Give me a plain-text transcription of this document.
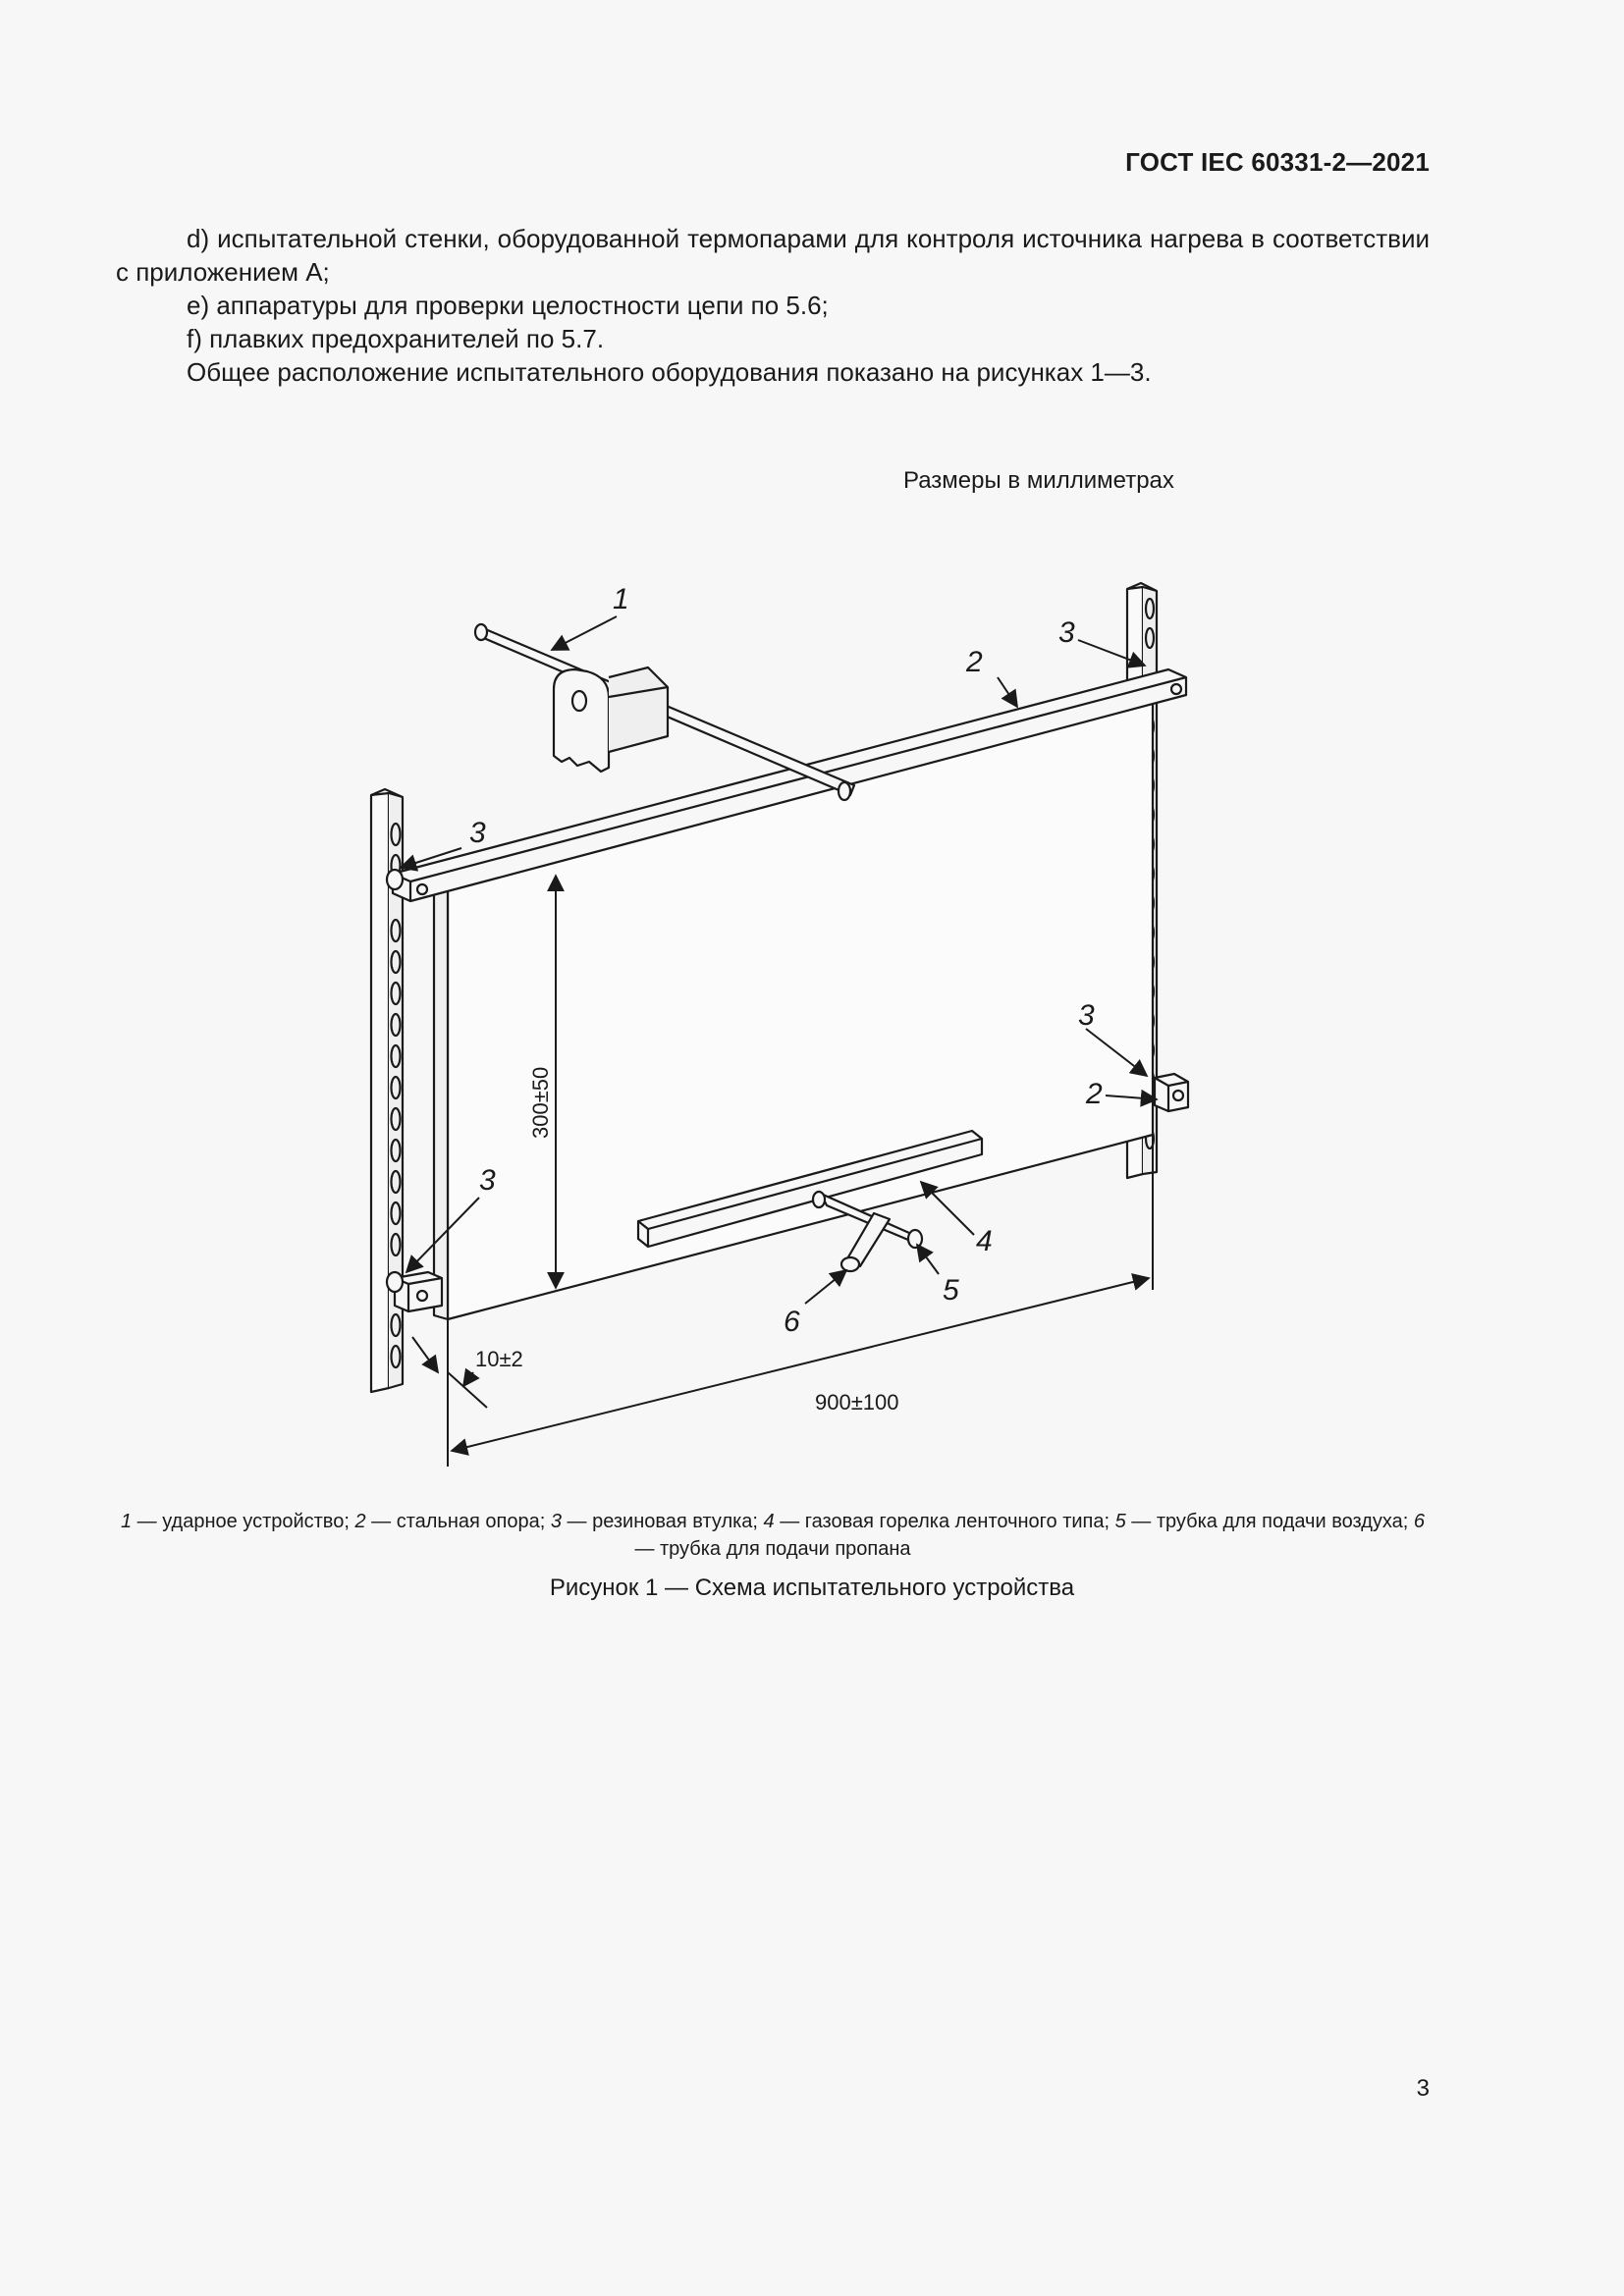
ГОСТ IEC 60331-2—2021

d) испытательной стенки, оборудованной термопарами для контроля источника нагрева в соответствии с приложением А;

e) аппаратуры для проверки целостности цепи по 5.6;

f) плавких предохранителей по 5.7.

Общее расположение испытательного оборудования показано на рисунках 1—3.

Размеры в миллиметрах
1
2
3
3
3
2
3
4
5
6
300±50
10±2
900±100
1 — ударное устройство; 2 — стальная опора; 3 — резиновая втулка; 4 — газовая горелка ленточного типа; 5 — трубка для подачи воздуха; 6 — трубка для подачи пропана
Рисунок 1 — Схема испытательного устройства
3
